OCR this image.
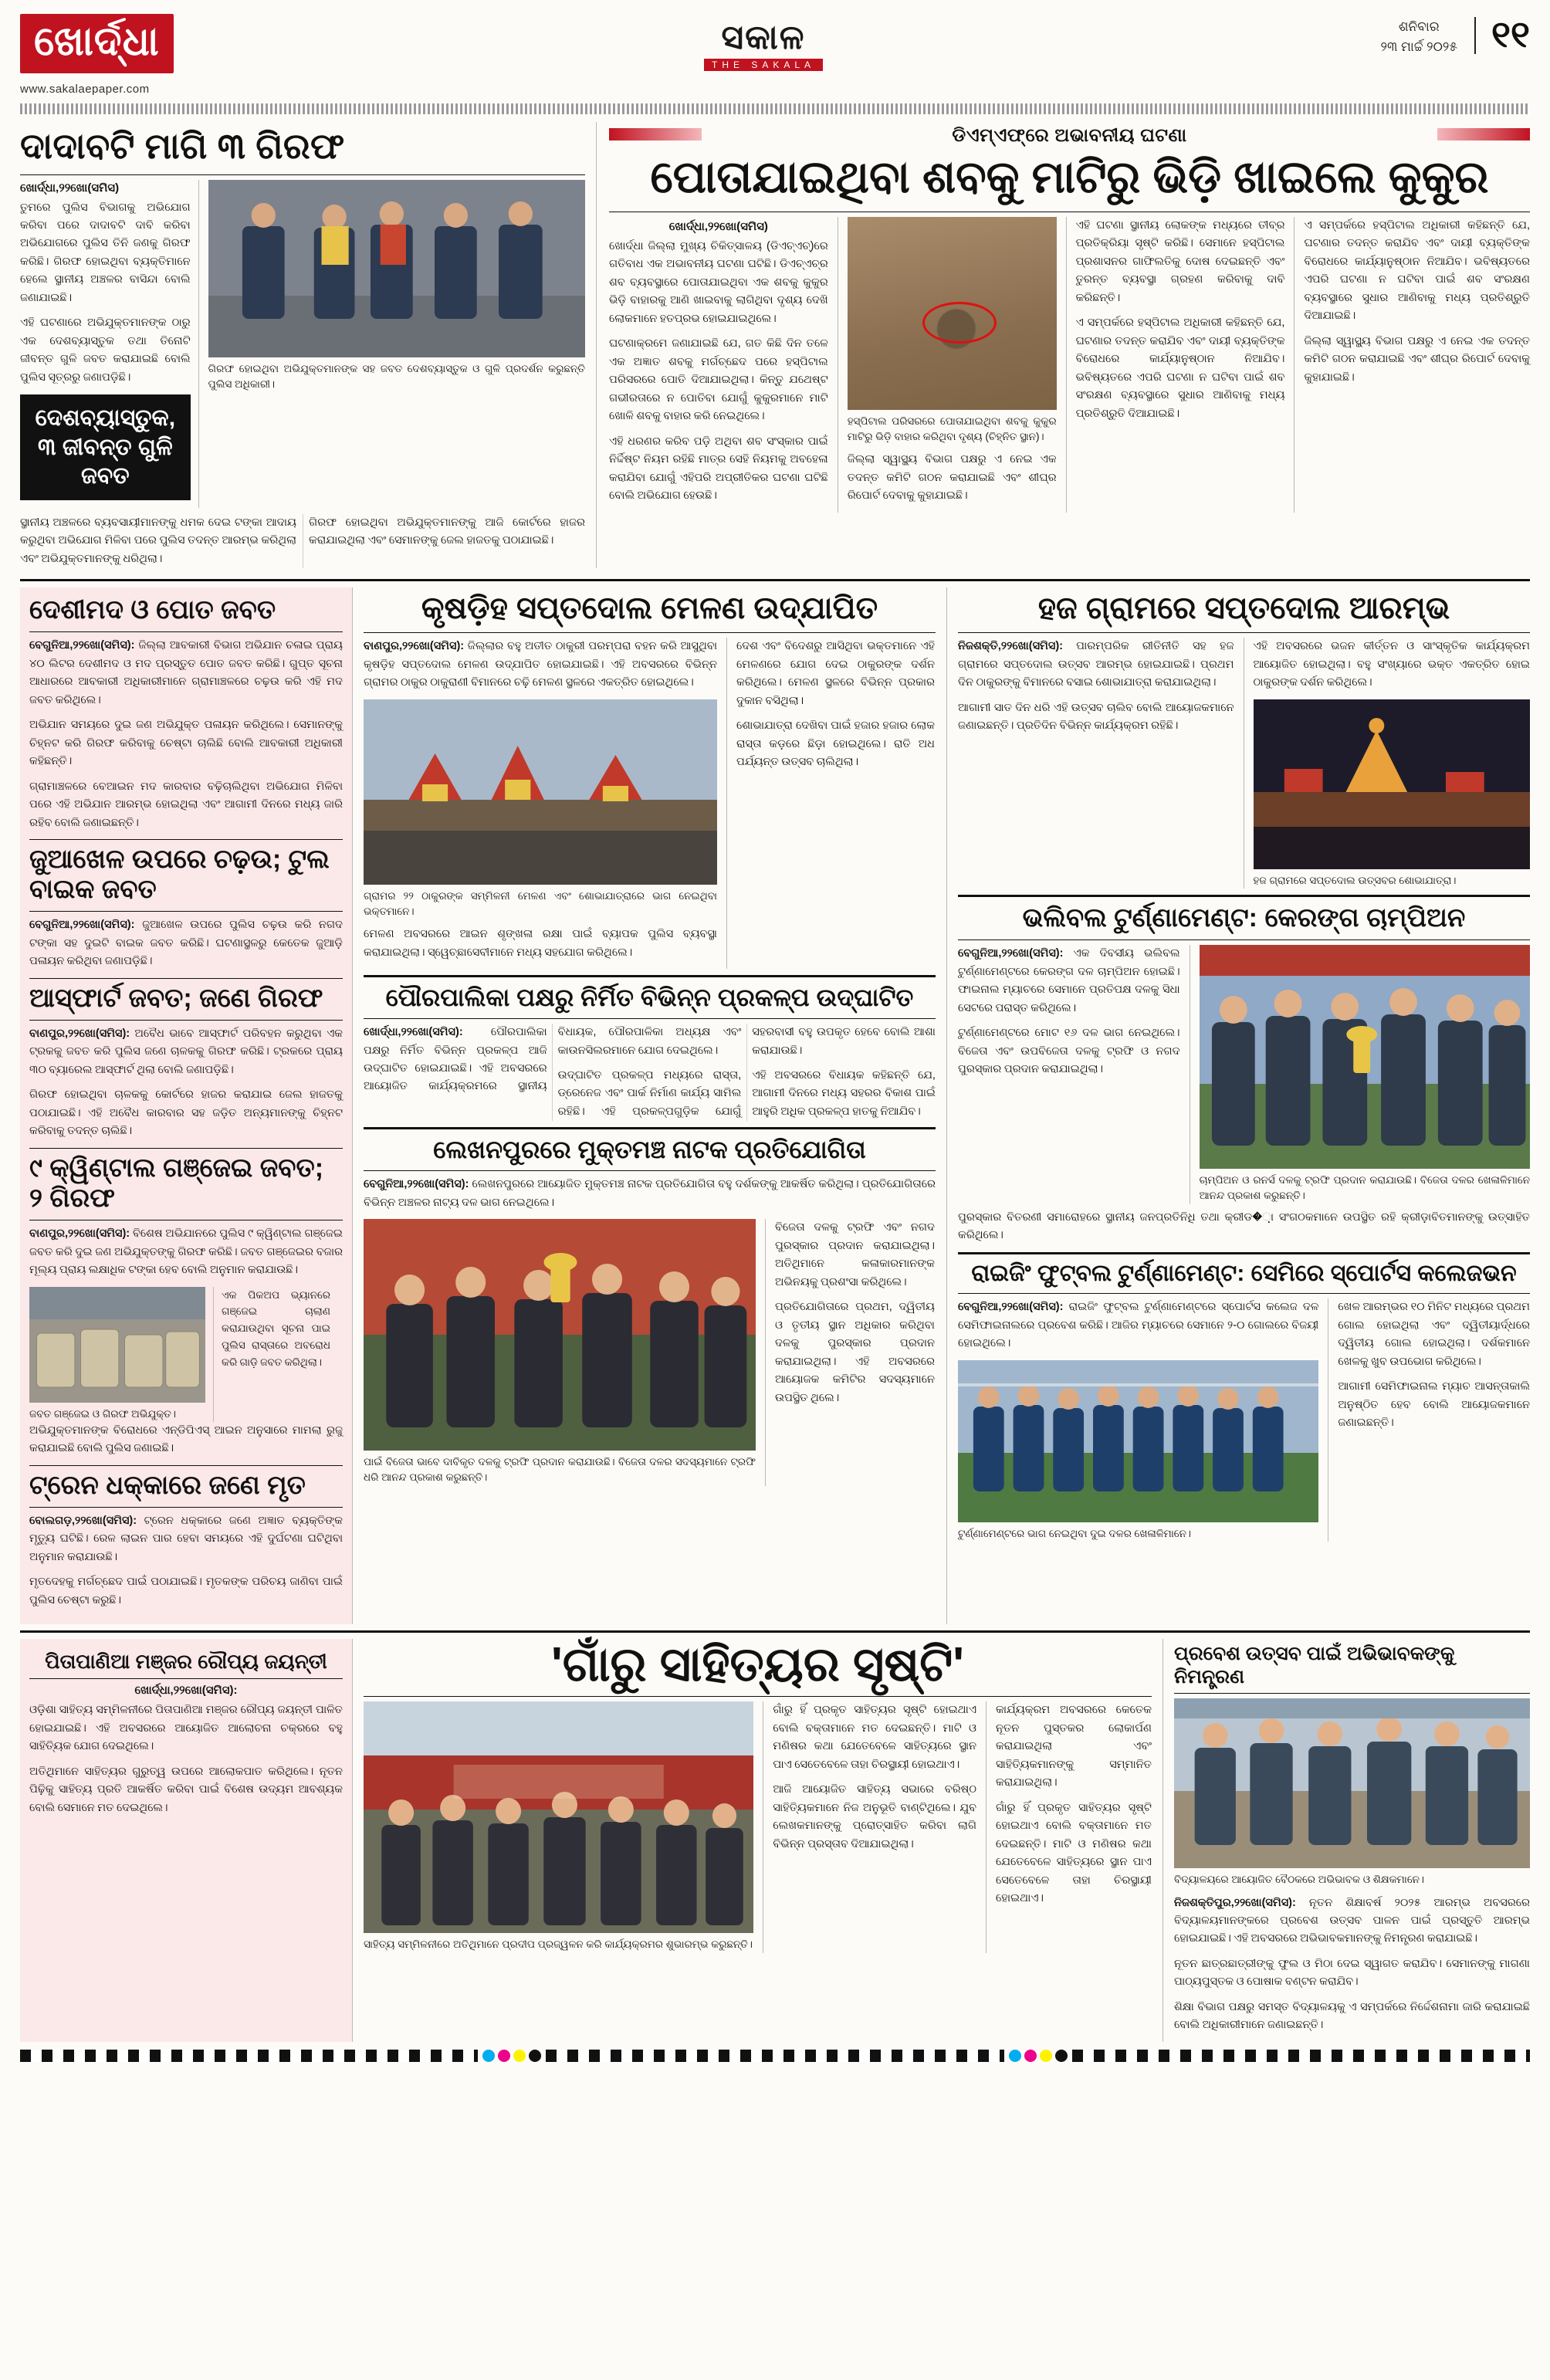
ଖୋର୍ଦ୍ଧା
www.sakalaepaper.com
ସକାଳ
THE SAKALA
ଶନିବାର
୨୩ ମାର୍ଚ୍ଚ ୨୦୨୫ ୧୧
ଦାଦାବଟି ମାଗି ୩ ଗିରଫ
ଖୋର୍ଦ୍ଧା,୨୨ଖୋ(ସମିସ)

ତୁମରେ ପୁଲିସ ବିଭାଗକୁ ଅଭିଯୋଗ କରିବା ପରେ ଦାଦାବଟି ଦାବି କରିବା ଅଭିଯୋଗରେ ପୁଲିସ ତିନି ଜଣକୁ ଗିରଫ କରିଛି। ଗିରଫ ହୋଇଥିବା ବ୍ୟକ୍ତିମାନେ ହେଲେ ସ୍ଥାନୀୟ ଅଞ୍ଚଳର ବାସିନ୍ଦା ବୋଲି ଜଣାଯାଇଛି।

ଏହି ଘଟଣାରେ ଅଭିଯୁକ୍ତମାନଙ୍କ ଠାରୁ ଏକ ଦେଶବ୍ୟାସ୍ତୁକ ତଥା ତିନୋଟି ଜୀବନ୍ତ ଗୁଳି ଜବତ କରାଯାଇଛି ବୋଲି ପୁଲିସ ସୂତ୍ରରୁ ଜଣାପଡ଼ିଛି।

ଦେଶବ୍ୟାସ୍ତୁକ, ୩ ଜୀବନ୍ତ ଗୁଳି ଜବତ
ଗିରଫ ହୋଇଥିବା ଅଭିଯୁକ୍ତମାନଙ୍କ ସହ ଜବତ ଦେଶବ୍ୟାସ୍ତୁକ ଓ ଗୁଳି ପ୍ରଦର୍ଶନ କରୁଛନ୍ତି ପୁଲିସ ଅଧିକାରୀ।

ସ୍ଥାନୀୟ ଅଞ୍ଚଳରେ ବ୍ୟବସାୟୀମାନଙ୍କୁ ଧମକ ଦେଇ ଟଙ୍କା ଆଦାୟ କରୁଥିବା ଅଭିଯୋଗ ମିଳିବା ପରେ ପୁଲିସ ତଦନ୍ତ ଆରମ୍ଭ କରିଥିଲା ଏବଂ ଅଭିଯୁକ୍ତମାନଙ୍କୁ ଧରିଥିଲା।

ଗିରଫ ହୋଇଥିବା ଅଭିଯୁକ୍ତମାନଙ୍କୁ ଆଜି କୋର୍ଟରେ ହାଜର କରାଯାଇଥିଲା ଏବଂ ସେମାନଙ୍କୁ ଜେଲ ହାଜତକୁ ପଠାଯାଇଛି।

ଡିଏମ୍‌ଏଫ୍‌ରେ ଅଭାବନୀୟ ଘଟଣା
ପୋତାଯାଇଥିବା ଶବକୁ ମାଟିରୁ ଭିଡ଼ି ଖାଇଲେ କୁକୁର
ଖୋର୍ଦ୍ଧା,୨୨ଖୋ(ସମିସ)

ଖୋର୍ଦ୍ଧା ଜିଲ୍ଲା ମୁଖ୍ୟ ଚିକିତ୍ସାଳୟ (ଡିଏଚ୍‌ଏଚ୍‌)ରେ ଗତିବାଧ ଏକ ଅଭାବନୀୟ ଘଟଣା ଘଟିଛି। ଡିଏଚ୍‌ଏଚ୍‌ର ଶବ ବ୍ୟବସ୍ଥାରେ ପୋତାଯାଇଥିବା ଏକ ଶବକୁ କୁକୁର ଭିଡ଼ି ବାହାରକୁ ଆଣି ଖାଇବାକୁ ଲାଗିଥିବା ଦୃଶ୍ୟ ଦେଖି ଲୋକମାନେ ହତପ୍ରଭ ହୋଇଯାଇଥିଲେ।

ଘଟଣାକ୍ରମେ ଜଣାଯାଇଛି ଯେ, ଗତ କିଛି ଦିନ ତଳେ ଏକ ଅଜ୍ଞାତ ଶବକୁ ମର୍ଗଚ୍ଛେଦ ପରେ ହସ୍ପିଟାଲ ପରିସରରେ ପୋତି ଦିଆଯାଇଥିଲା। କିନ୍ତୁ ଯଥେଷ୍ଟ ଗଭୀରତାରେ ନ ପୋତିବା ଯୋଗୁଁ କୁକୁରମାନେ ମାଟି ଖୋଳି ଶବକୁ ବାହାର କରି ନେଇଥିଲେ।

ଏହି ଧରଣର କରିବ ପଡ଼ି ଅଥିବା ଶବ ସଂସ୍କାର ପାଇଁ ନିର୍ଦ୍ଦିଷ୍ଟ ନିୟମ ରହିଛି ମାତ୍ର ସେହି ନିୟମକୁ ଅବହେଳା କରାଯିବା ଯୋଗୁଁ ଏହିପରି ଅପ୍ରୀତିକର ଘଟଣା ଘଟିଛି ବୋଲି ଅଭିଯୋଗ ହେଉଛି।

ହସ୍ପିଟାଲ ପରିସରରେ ପୋତାଯାଇଥିବା ଶବକୁ କୁକୁର ମାଟିରୁ ଭିଡ଼ି ବାହାର କରିଥିବା ଦୃଶ୍ୟ (ଚିହ୍ନିତ ସ୍ଥାନ)।

ଜିଲ୍ଲା ସ୍ୱାସ୍ଥ୍ୟ ବିଭାଗ ପକ୍ଷରୁ ଏ ନେଇ ଏକ ତଦନ୍ତ କମିଟି ଗଠନ କରାଯାଇଛି ଏବଂ ଶୀଘ୍ର ରିପୋର୍ଟ ଦେବାକୁ କୁହାଯାଇଛି।

ଏହି ଘଟଣା ସ୍ଥାନୀୟ ଲୋକଙ୍କ ମଧ୍ୟରେ ତୀବ୍ର ପ୍ରତିକ୍ରିୟା ସୃଷ୍ଟି କରିଛି। ସେମାନେ ହସ୍ପିଟାଲ ପ୍ରଶାସନର ଗାଫିଲତିକୁ ଦୋଷ ଦେଇଛନ୍ତି ଏବଂ ତୁରନ୍ତ ବ୍ୟବସ୍ଥା ଗ୍ରହଣ କରିବାକୁ ଦାବି କରିଛନ୍ତି।

ଏ ସମ୍ପର୍କରେ ହସ୍ପିଟାଲ ଅଧିକାରୀ କହିଛନ୍ତି ଯେ, ଘଟଣାର ତଦନ୍ତ କରାଯିବ ଏବଂ ଦାୟୀ ବ୍ୟକ୍ତିଙ୍କ ବିରୋଧରେ କାର୍ଯ୍ୟାନୁଷ୍ଠାନ ନିଆଯିବ। ଭବିଷ୍ୟତରେ ଏପରି ଘଟଣା ନ ଘଟିବା ପାଇଁ ଶବ ସଂରକ୍ଷଣ ବ୍ୟବସ୍ଥାରେ ସୁଧାର ଆଣିବାକୁ ମଧ୍ୟ ପ୍ରତିଶ୍ରୁତି ଦିଆଯାଇଛି।

ଏ ସମ୍ପର୍କରେ ହସ୍ପିଟାଲ ଅଧିକାରୀ କହିଛନ୍ତି ଯେ, ଘଟଣାର ତଦନ୍ତ କରାଯିବ ଏବଂ ଦାୟୀ ବ୍ୟକ୍ତିଙ୍କ ବିରୋଧରେ କାର୍ଯ୍ୟାନୁଷ୍ଠାନ ନିଆଯିବ। ଭବିଷ୍ୟତରେ ଏପରି ଘଟଣା ନ ଘଟିବା ପାଇଁ ଶବ ସଂରକ୍ଷଣ ବ୍ୟବସ୍ଥାରେ ସୁଧାର ଆଣିବାକୁ ମଧ୍ୟ ପ୍ରତିଶ୍ରୁତି ଦିଆଯାଇଛି।

ଜିଲ୍ଲା ସ୍ୱାସ୍ଥ୍ୟ ବିଭାଗ ପକ୍ଷରୁ ଏ ନେଇ ଏକ ତଦନ୍ତ କମିଟି ଗଠନ କରାଯାଇଛି ଏବଂ ଶୀଘ୍ର ରିପୋର୍ଟ ଦେବାକୁ କୁହାଯାଇଛି।

ଦେଶୀମଦ ଓ ପୋତ ଜବତ

ବେଗୁନିଆ,୨୨ଖୋ(ସମିସ): ଜିଲ୍ଲା ଆବକାରୀ ବିଭାଗ ଅଭିଯାନ ଚଳାଇ ପ୍ରାୟ ୪୦ ଲିଟର ଦେଶୀମଦ ଓ ମଦ ପ୍ରସ୍ତୁତ ପୋତ ଜବତ କରିଛି। ଗୁପ୍ତ ସୂଚନା ଆଧାରରେ ଆବକାରୀ ଅଧିକାରୀମାନେ ଗ୍ରାମାଞ୍ଚଳରେ ଚଢ଼ଉ କରି ଏହି ମଦ ଜବତ କରିଥିଲେ।

ଅଭିଯାନ ସମୟରେ ଦୁଇ ଜଣ ଅଭିଯୁକ୍ତ ପଳାୟନ କରିଥିଲେ। ସେମାନଙ୍କୁ ଚିହ୍ନଟ କରି ଗିରଫ କରିବାକୁ ଚେଷ୍ଟା ଚାଲିଛି ବୋଲି ଆବକାରୀ ଅଧିକାରୀ କହିଛନ୍ତି।

ଗ୍ରାମାଞ୍ଚଳରେ ବେଆଇନ ମଦ କାରବାର ବଢ଼ିଚାଲିଥିବା ଅଭିଯୋଗ ମିଳିବା ପରେ ଏହି ଅଭିଯାନ ଆରମ୍ଭ ହୋଇଥିଲା ଏବଂ ଆଗାମୀ ଦିନରେ ମଧ୍ୟ ଜାରି ରହିବ ବୋଲି ଜଣାଇଛନ୍ତି।

ଜୁଆଖେଳ ଉପରେ ଚଢ଼ଉ; ଟୁଲ ବାଇକ ଜବତ

ବେଗୁନିଆ,୨୨ଖୋ(ସମିସ): ଜୁଆଖେଳ ଉପରେ ପୁଲିସ ଚଢ଼ଉ କରି ନଗଦ ଟଙ୍କା ସହ ଦୁଇଟି ବାଇକ ଜବତ କରିଛି। ଘଟଣାସ୍ଥଳରୁ କେତେକ ଜୁଆଡ଼ି ପଳାୟନ କରିଥିବା ଜଣାପଡ଼ିଛି।

ଆସ୍ଫାର୍ଟ ଜବତ; ଜଣେ ଗିରଫ

ବାଣପୁର,୨୨ଖୋ(ସମିସ): ଅବୈଧ ଭାବେ ଆସ୍ଫାର୍ଟ ପରିବହନ କରୁଥିବା ଏକ ଟ୍ରକକୁ ଜବତ କରି ପୁଲିସ ଜଣେ ଚାଳକକୁ ଗିରଫ କରିଛି। ଟ୍ରକରେ ପ୍ରାୟ ୩୦ ବ୍ୟାରେଲ ଆସ୍ଫାର୍ଟ ଥିଲା ବୋଲି ଜଣାପଡ଼ିଛି।

ଗିରଫ ହୋଇଥିବା ଚାଳକକୁ କୋର୍ଟରେ ହାଜର କରାଯାଇ ଜେଲ ହାଜତକୁ ପଠାଯାଇଛି। ଏହି ଅବୈଧ କାରବାର ସହ ଜଡ଼ିତ ଅନ୍ୟମାନଙ୍କୁ ଚିହ୍ନଟ କରିବାକୁ ତଦନ୍ତ ଚାଲିଛି।

୯ କ୍ୱିଣ୍ଟାଲ ଗଞ୍ଜେଇ ଜବତ; ୨ ଗିରଫ

ବାଣପୁର,୨୨ଖୋ(ସମିସ): ବିଶେଷ ଅଭିଯାନରେ ପୁଲିସ ୯ କ୍ୱିଣ୍ଟାଲ ଗଞ୍ଜେଇ ଜବତ କରି ଦୁଇ ଜଣ ଅଭିଯୁକ୍ତଙ୍କୁ ଗିରଫ କରିଛି। ଜବତ ଗଞ୍ଜେଇର ବଜାର ମୂଲ୍ୟ ପ୍ରାୟ ଲକ୍ଷାଧିକ ଟଙ୍କା ହେବ ବୋଲି ଅନୁମାନ କରାଯାଉଛି।

ଜବତ ଗଞ୍ଜେଇ ଓ ଗିରଫ ଅଭିଯୁକ୍ତ।

ଏକ ପିକଅପ ଭ୍ୟାନରେ ଗଞ୍ଜେଇ ଚାଲାଣ କରାଯାଉଥିବା ସୂଚନା ପାଇ ପୁଲିସ ରାସ୍ତାରେ ଅବରୋଧ କରି ଗାଡ଼ି ଜବତ କରିଥିଲା।

ଅଭିଯୁକ୍ତମାନଙ୍କ ବିରୋଧରେ ଏନ୍‌ଡିପିଏସ୍ ଆଇନ ଅନୁସାରେ ମାମଲା ରୁଜୁ କରାଯାଇଛି ବୋଲି ପୁଲିସ ଜଣାଇଛି।

ଟ୍ରେନ ଧକ୍କାରେ ଜଣେ ମୃତ

ବୋଲଗଡ଼,୨୨ଖୋ(ସମିସ): ଟ୍ରେନ ଧକ୍କାରେ ଜଣେ ଅଜ୍ଞାତ ବ୍ୟକ୍ତିଙ୍କ ମୃତ୍ୟୁ ଘଟିଛି। ରେଳ ଲାଇନ ପାର ହେବା ସମୟରେ ଏହି ଦୁର୍ଘଟଣା ଘଟିଥିବା ଅନୁମାନ କରାଯାଉଛି।

ମୃତଦେହକୁ ମର୍ଗଚ୍ଛେଦ ପାଇଁ ପଠାଯାଇଛି। ମୃତକଙ୍କ ପରିଚୟ ଜାଣିବା ପାଇଁ ପୁଲିସ ଚେଷ୍ଟା କରୁଛି।

କୃଷଡ଼ିହ ସପ୍ତଦୋଲ ମେଳଣ ଉଦ୍‌ଯାପିତ

ବାଣପୁର,୨୨ଖୋ(ସମିସ): ଜିଲ୍ଲାର ବହୁ ଅତୀତ ଠାକୁରୀ ପରମ୍ପରା ବହନ କରି ଆସୁଥିବା କୃଷଡ଼ିହ ସପ୍ତଦୋଲ ମେଳଣ ଉଦ୍‌ଯାପିତ ହୋଇଯାଇଛି। ଏହି ଅବସରରେ ବିଭିନ୍ନ ଗ୍ରାମର ଠାକୁର ଠାକୁରାଣୀ ବିମାନରେ ଚଢ଼ି ମେଳଣ ସ୍ଥଳରେ ଏକତ୍ରିତ ହୋଇଥିଲେ।

ଗ୍ରାମର ୨୨ ଠାକୁରଙ୍କ ସମ୍ମିଳନୀ ମେଳଣ ଏବଂ ଶୋଭାଯାତ୍ରାରେ ଭାଗ ନେଇଥିବା ଭକ୍ତମାନେ।

ମେଳଣ ଅବସରରେ ଆଇନ ଶୃଙ୍ଖଳା ରକ୍ଷା ପାଇଁ ବ୍ୟାପକ ପୁଲିସ ବ୍ୟବସ୍ଥା କରାଯାଇଥିଲା। ସ୍ୱେଚ୍ଛାସେବୀମାନେ ମଧ୍ୟ ସହଯୋଗ କରିଥିଲେ।

ଦେଶ ଏବଂ ବିଦେଶରୁ ଆସିଥିବା ଭକ୍ତମାନେ ଏହି ମେଳଣରେ ଯୋଗ ଦେଇ ଠାକୁରଙ୍କ ଦର୍ଶନ କରିଥିଲେ। ମେଳଣ ସ୍ଥଳରେ ବିଭିନ୍ନ ପ୍ରକାର ଦୁକାନ ବସିଥିଲା।

ଶୋଭାଯାତ୍ରା ଦେଖିବା ପାଇଁ ହଜାର ହଜାର ଲୋକ ରାସ୍ତା କଡ଼ରେ ଛିଡ଼ା ହୋଇଥିଲେ। ରାତି ଅଧ ପର୍ଯ୍ୟନ୍ତ ଉତ୍ସବ ଚାଲିଥିଲା।

ପୌରପାଲିକା ପକ୍ଷରୁ ନିର୍ମିତ ବିଭିନ୍ନ ପ୍ରକଳ୍ପ ଉଦ୍‌ଘାଟିତ

ଖୋର୍ଦ୍ଧା,୨୨ଖୋ(ସମିସ): ପୌରପାଲିକା ପକ୍ଷରୁ ନିର୍ମିତ ବିଭିନ୍ନ ପ୍ରକଳ୍ପ ଆଜି ଉଦ୍‌ଘାଟିତ ହୋଇଯାଇଛି। ଏହି ଅବସରରେ ଆୟୋଜିତ କାର୍ଯ୍ୟକ୍ରମରେ ସ୍ଥାନୀୟ ବିଧାୟକ, ପୌରପାଳିକା ଅଧ୍ୟକ୍ଷ ଏବଂ କାଉନସିଲରମାନେ ଯୋଗ ଦେଇଥିଲେ।

ଉଦ୍‌ଘାଟିତ ପ୍ରକଳ୍ପ ମଧ୍ୟରେ ରାସ୍ତା, ଡ୍ରେନେଜ ଏବଂ ପାର୍କ ନିର୍ମାଣ କାର୍ଯ୍ୟ ସାମିଲ ରହିଛି। ଏହି ପ୍ରକଳ୍ପଗୁଡ଼ିକ ଯୋଗୁଁ ସହରବାସୀ ବହୁ ଉପକୃତ ହେବେ ବୋଲି ଆଶା କରାଯାଉଛି।

ଏହି ଅବସରରେ ବିଧାୟକ କହିଛନ୍ତି ଯେ, ଆଗାମୀ ଦିନରେ ମଧ୍ୟ ସହରର ବିକାଶ ପାଇଁ ଆହୁରି ଅଧିକ ପ୍ରକଳ୍ପ ହାତକୁ ନିଆଯିବ।

ଲେଖନପୁରରେ ମୁକ୍ତମଞ୍ଚ ନାଟକ ପ୍ରତିଯୋଗିତା

ବେଗୁନିଆ,୨୨ଖୋ(ସମିସ): ଲେଖନପୁରରେ ଆୟୋଜିତ ମୁକ୍ତମଞ୍ଚ ନାଟକ ପ୍ରତିଯୋଗିତା ବହୁ ଦର୍ଶକଙ୍କୁ ଆକର୍ଷିତ କରିଥିଲା। ପ୍ରତିଯୋଗିତାରେ ବିଭିନ୍ନ ଅଞ୍ଚଳର ନାଟ୍ୟ ଦଳ ଭାଗ ନେଇଥିଲେ।

ପାଇଁ ବିଜେତା ଭାବେ ଦାବିକୃତ ଦଳକୁ ଟ୍ରଫି ପ୍ରଦାନ କରାଯାଉଛି। ବିଜେତା ଦଳର ସଦସ୍ୟମାନେ ଟ୍ରଫି ଧରି ଆନନ୍ଦ ପ୍ରକାଶ କରୁଛନ୍ତି।

ବିଜେତା ଦଳକୁ ଟ୍ରଫି ଏବଂ ନଗଦ ପୁରସ୍କାର ପ୍ରଦାନ କରାଯାଇଥିଲା। ଅତିଥିମାନେ କଳାକାରମାନଙ୍କ ଅଭିନୟକୁ ପ୍ରଶଂସା କରିଥିଲେ।

ପ୍ରତିଯୋଗିତାରେ ପ୍ରଥମ, ଦ୍ୱିତୀୟ ଓ ତୃତୀୟ ସ୍ଥାନ ଅଧିକାର କରିଥିବା ଦଳକୁ ପୁରସ୍କାର ପ୍ରଦାନ କରାଯାଇଥିଲା। ଏହି ଅବସରରେ ଆୟୋଜକ କମିଟିର ସଦସ୍ୟମାନେ ଉପସ୍ଥିତ ଥିଲେ।

ହଜ ଗ୍ରାମରେ ସପ୍ତଦୋଲ ଆରମ୍ଭ

ନିଜଶକ୍ତି,୨୨ଖୋ(ସମିସ): ପାରମ୍ପରିକ ରୀତିନୀତି ସହ ହଜ ଗ୍ରାମରେ ସପ୍ତଦୋଲ ଉତ୍ସବ ଆରମ୍ଭ ହୋଇଯାଇଛି। ପ୍ରଥମ ଦିନ ଠାକୁରଙ୍କୁ ବିମାନରେ ବସାଇ ଶୋଭାଯାତ୍ରା କରାଯାଇଥିଲା।

ଆଗାମୀ ସାତ ଦିନ ଧରି ଏହି ଉତ୍ସବ ଚାଲିବ ବୋଲି ଆୟୋଜକମାନେ ଜଣାଇଛନ୍ତି। ପ୍ରତିଦିନ ବିଭିନ୍ନ କାର୍ଯ୍ୟକ୍ରମ ରହିଛି।

ଏହି ଅବସରରେ ଭଜନ କୀର୍ତ୍ତନ ଓ ସାଂସ୍କୃତିକ କାର୍ଯ୍ୟକ୍ରମ ଆୟୋଜିତ ହୋଇଥିଲା। ବହୁ ସଂଖ୍ୟାରେ ଭକ୍ତ ଏକତ୍ରିତ ହୋଇ ଠାକୁରଙ୍କ ଦର୍ଶନ କରିଥିଲେ।

ହଜ ଗ୍ରାମରେ ସପ୍ତଦୋଲ ଉତ୍ସବର ଶୋଭାଯାତ୍ରା।
ଭଲିବଲ ଟୁର୍ଣ୍ଣାମେଣ୍ଟ: କେରଙ୍ଗ ଚାମ୍ପିଅନ

ବେଗୁନିଆ,୨୨ଖୋ(ସମିସ): ଏକ ଦିବସୀୟ ଭଲିବଲ ଟୁର୍ଣ୍ଣାମେଣ୍ଟରେ କେରଙ୍ଗ ଦଳ ଚାମ୍ପିଅନ ହୋଇଛି। ଫାଇନାଲ ମ୍ୟାଚରେ ସେମାନେ ପ୍ରତିପକ୍ଷ ଦଳକୁ ସିଧା ସେଟରେ ପରାସ୍ତ କରିଥିଲେ।

ଟୁର୍ଣ୍ଣାମେଣ୍ଟରେ ମୋଟ ୧୬ ଦଳ ଭାଗ ନେଇଥିଲେ। ବିଜେତା ଏବଂ ଉପବିଜେତା ଦଳକୁ ଟ୍ରଫି ଓ ନଗଦ ପୁରସ୍କାର ପ୍ରଦାନ କରାଯାଇଥିଲା।

ଚାମ୍ପିଅନ ଓ ରନର୍ସ ଦଳକୁ ଟ୍ରଫି ପ୍ରଦାନ କରାଯାଉଛି। ବିଜେତା ଦଳର ଖେଳାଳିମାନେ ଆନନ୍ଦ ପ୍ରକାଶ କରୁଛନ୍ତି।

ପୁରସ୍କାର ବିତରଣୀ ସମାରୋହରେ ସ୍ଥାନୀୟ ଜନପ୍ରତିନିଧି ତଥା କ୍ରୀଡ�଼ା ସଂଗଠକମାନେ ଉପସ୍ଥିତ ରହି କ୍ରୀଡ଼ାବିତମାନଙ୍କୁ ଉତ୍ସାହିତ କରିଥିଲେ।

ରାଇଜିଂ ଫୁଟ୍‌ବଲ ଟୁର୍ଣ୍ଣାମେଣ୍ଟ: ସେମିରେ ସ୍ପୋର୍ଟସ କଲେଜଭନ

ବେଗୁନିଆ,୨୨ଖୋ(ସମିସ): ରାଇଜିଂ ଫୁଟ୍‌ବଲ ଟୁର୍ଣ୍ଣାମେଣ୍ଟରେ ସ୍ପୋର୍ଟସ କଲେଜ ଦଳ ସେମିଫାଇନାଲରେ ପ୍ରବେଶ କରିଛି। ଆଜିର ମ୍ୟାଚରେ ସେମାନେ ୨-୦ ଗୋଲରେ ବିଜୟୀ ହୋଇଥିଲେ।

ଟୁର୍ଣ୍ଣାମେଣ୍ଟରେ ଭାଗ ନେଇଥିବା ଦୁଇ ଦଳର ଖେଳାଳିମାନେ।

ଖେଳ ଆରମ୍ଭର ୧୦ ମିନିଟ ମଧ୍ୟରେ ପ୍ରଥମ ଗୋଲ ହୋଇଥିଲା ଏବଂ ଦ୍ୱିତୀୟାର୍ଦ୍ଧରେ ଦ୍ୱିତୀୟ ଗୋଲ ହୋଇଥିଲା। ଦର୍ଶକମାନେ ଖେଳକୁ ଖୁବ ଉପଭୋଗ କରିଥିଲେ।

ଆଗାମୀ ସେମିଫାଇନାଲ ମ୍ୟାଚ ଆସନ୍ତାକାଲି ଅନୁଷ୍ଠିତ ହେବ ବୋଲି ଆୟୋଜକମାନେ ଜଣାଇଛନ୍ତି।

ପିତାପାଣିଆ ମଞ୍ଜର ରୌପ୍ୟ ଜୟନ୍ତୀ
ଖୋର୍ଦ୍ଧା,୨୨ଖୋ(ସମିସ):

ଓଡ଼ିଶା ସାହିତ୍ୟ ସମ୍ମିଳନୀରେ ପିତାପାଣିଆ ମଞ୍ଜର ରୌପ୍ୟ ଜୟନ୍ତୀ ପାଳିତ ହୋଇଯାଇଛି। ଏହି ଅବସରରେ ଆୟୋଜିତ ଆଲୋଚନା ଚକ୍ରରେ ବହୁ ସାହିତ୍ୟିକ ଯୋଗ ଦେଇଥିଲେ।

ଅତିଥିମାନେ ସାହିତ୍ୟର ଗୁରୁତ୍ୱ ଉପରେ ଆଲୋକପାତ କରିଥିଲେ। ନୂତନ ପିଢ଼ିକୁ ସାହିତ୍ୟ ପ୍ରତି ଆକର୍ଷିତ କରିବା ପାଇଁ ବିଶେଷ ଉଦ୍ୟମ ଆବଶ୍ୟକ ବୋଲି ସେମାନେ ମତ ଦେଇଥିଲେ।

'ଗାଁରୁ ସାହିତ୍ୟର ସୃଷ୍ଟି'
ସାହିତ୍ୟ ସମ୍ମିଳନୀରେ ଅତିଥିମାନେ ପ୍ରଦୀପ ପ୍ରଜ୍ୱଳନ କରି କାର୍ଯ୍ୟକ୍ରମର ଶୁଭାରମ୍ଭ କରୁଛନ୍ତି।

ଗାଁରୁ ହିଁ ପ୍ରକୃତ ସାହିତ୍ୟର ସୃଷ୍ଟି ହୋଇଥାଏ ବୋଲି ବକ୍ତାମାନେ ମତ ଦେଇଛନ୍ତି। ମାଟି ଓ ମଣିଷର କଥା ଯେତେବେଳେ ସାହିତ୍ୟରେ ସ୍ଥାନ ପାଏ ସେତେବେଳେ ତାହା ଚିରସ୍ଥାୟୀ ହୋଇଥାଏ।

ଆଜି ଆୟୋଜିତ ସାହିତ୍ୟ ସଭାରେ ବରିଷ୍ଠ ସାହିତ୍ୟିକମାନେ ନିଜ ଅନୁଭୂତି ବାଣ୍ଟିଥିଲେ। ଯୁବ ଲେଖକମାନଙ୍କୁ ପ୍ରୋତ୍ସାହିତ କରିବା ଲାଗି ବିଭିନ୍ନ ପ୍ରସ୍ତାବ ଦିଆଯାଇଥିଲା।

କାର୍ଯ୍ୟକ୍ରମ ଅବସରରେ କେତେକ ନୂତନ ପୁସ୍ତକର ଲୋକାର୍ପଣ କରାଯାଇଥିଲା ଏବଂ ସାହିତ୍ୟିକମାନଙ୍କୁ ସମ୍ମାନିତ କରାଯାଇଥିଲା।

ଗାଁରୁ ହିଁ ପ୍ରକୃତ ସାହିତ୍ୟର ସୃଷ୍ଟି ହୋଇଥାଏ ବୋଲି ବକ୍ତାମାନେ ମତ ଦେଇଛନ୍ତି। ମାଟି ଓ ମଣିଷର କଥା ଯେତେବେଳେ ସାହିତ୍ୟରେ ସ୍ଥାନ ପାଏ ସେତେବେଳେ ତାହା ଚିରସ୍ଥାୟୀ ହୋଇଥାଏ।

ପ୍ରବେଶ ଉତ୍ସବ ପାଇଁ ଅଭିଭାବକଙ୍କୁ ନିମନ୍ତ୍ରଣ
ବିଦ୍ୟାଳୟରେ ଆୟୋଜିତ ବୈଠକରେ ଅଭିଭାବକ ଓ ଶିକ୍ଷକମାନେ।

ନିଜଶକ୍ତିପୁର,୨୨ଖୋ(ସମିସ): ନୂତନ ଶିକ୍ଷାବର୍ଷ ୨୦୨୫ ଆରମ୍ଭ ଅବସରରେ ବିଦ୍ୟାଳୟମାନଙ୍କରେ ପ୍ରବେଶ ଉତ୍ସବ ପାଳନ ପାଇଁ ପ୍ରସ୍ତୁତି ଆରମ୍ଭ ହୋଇଯାଇଛି। ଏହି ଅବସରରେ ଅଭିଭାବକମାନଙ୍କୁ ନିମନ୍ତ୍ରଣ କରାଯାଇଛି।

ନୂତନ ଛାତ୍ରଛାତ୍ରୀଙ୍କୁ ଫୁଲ ଓ ମିଠା ଦେଇ ସ୍ୱାଗତ କରାଯିବ। ସେମାନଙ୍କୁ ମାଗଣା ପାଠ୍ୟପୁସ୍ତକ ଓ ପୋଷାକ ବଣ୍ଟନ କରାଯିବ।

ଶିକ୍ଷା ବିଭାଗ ପକ୍ଷରୁ ସମସ୍ତ ବିଦ୍ୟାଳୟକୁ ଏ ସମ୍ପର୍କରେ ନିର୍ଦ୍ଦେଶନାମା ଜାରି କରାଯାଇଛି ବୋଲି ଅଧିକାରୀମାନେ ଜଣାଇଛନ୍ତି।
